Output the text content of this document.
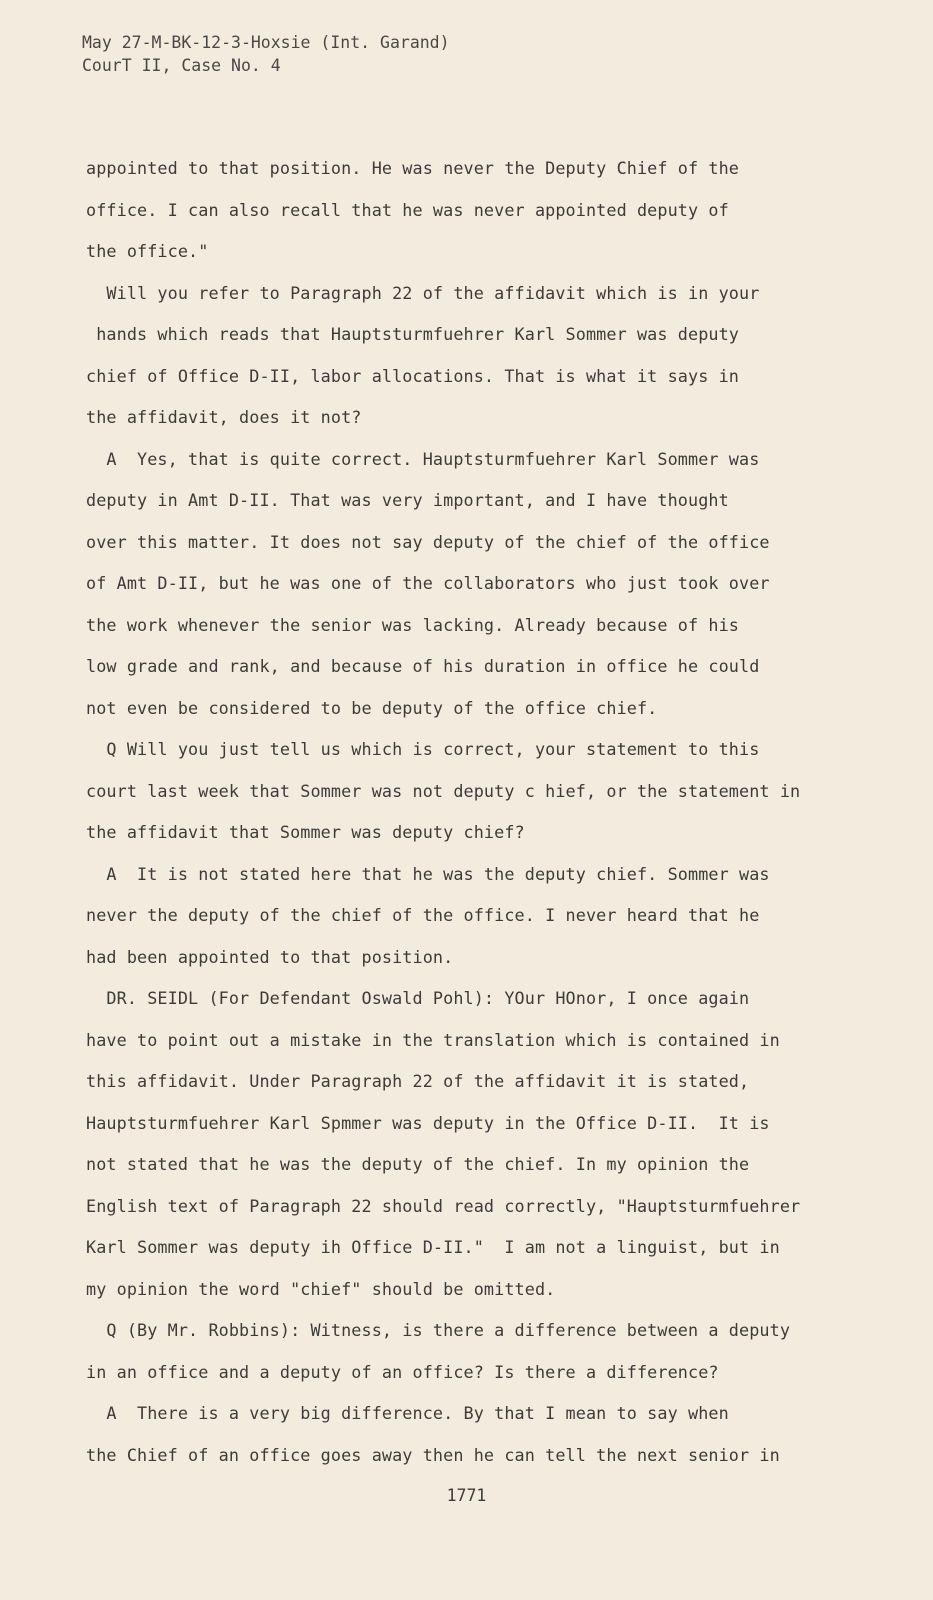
May 27-M-BK-12-3-Hoxsie (Int. Garand)
CourT II, Case No. 4
appointed to that position. He was never the Deputy Chief of the
office. I can also recall that he was never appointed deputy of
the office."
Will you refer to Paragraph 22 of the affidavit which is in your
hands which reads that Hauptsturmfuehrer Karl Sommer was deputy
chief of Office D-II, labor allocations. That is what it says in
the affidavit, does it not?
A  Yes, that is quite correct. Hauptsturmfuehrer Karl Sommer was
deputy in Amt D-II. That was very important, and I have thought
over this matter. It does not say deputy of the chief of the office
of Amt D-II, but he was one of the collaborators who just took over
the work whenever the senior was lacking. Already because of his
low grade and rank, and because of his duration in office he could
not even be considered to be deputy of the office chief.
Q Will you just tell us which is correct, your statement to this
court last week that Sommer was not deputy c hief, or the statement in
the affidavit that Sommer was deputy chief?
A  It is not stated here that he was the deputy chief. Sommer was
never the deputy of the chief of the office. I never heard that he
had been appointed to that position.
DR. SEIDL (For Defendant Oswald Pohl): YOur HOnor, I once again
have to point out a mistake in the translation which is contained in
this affidavit. Under Paragraph 22 of the affidavit it is stated,
Hauptsturmfuehrer Karl Spmmer was deputy in the Office D-II.  It is
not stated that he was the deputy of the chief. In my opinion the
English text of Paragraph 22 should read correctly, "Hauptsturmfuehrer
Karl Sommer was deputy ih Office D-II."  I am not a linguist, but in
my opinion the word "chief" should be omitted.
Q (By Mr. Robbins): Witness, is there a difference between a deputy
in an office and a deputy of an office? Is there a difference?
A  There is a very big difference. By that I mean to say when
the Chief of an office goes away then he can tell the next senior in
1771
